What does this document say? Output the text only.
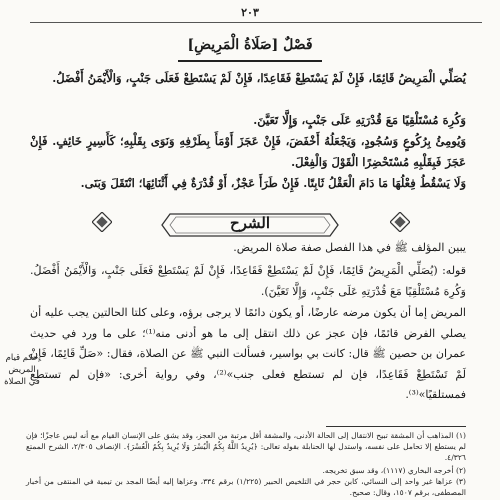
٢٠٣
فَصْلٌ [صَلَاةُ الْمَرِيضِ]

يُصَلِّي الْمَرِيضُ قَائِمًا، فَإِنْ لَمْ يَسْتَطِعْ فَقَاعِدًا، فَإِنْ لَمْ يَسْتَطِعْ فَعَلَى جَنْبٍ، وَالْأَيْمَنُ أَفْضَلُ.

وَكُرِهَ مُسْتَلْقِيًا مَعَ قُدْرَتِهِ عَلَى جَنْبٍ، وَإِلَّا تَعَيَّنَ.

وَيُومِئُ بِرُكُوعٍ وَسُجُودٍ، وَيَجْعَلُهُ أَخْفَضَ، فَإِنْ عَجَزَ أَوْمَأَ بِطَرْفِهِ وَنَوَى بِقَلْبِهِ؛ كَأَسِيرٍ خَائِفٍ. فَإِنْ عَجَزَ فَبِقَلْبِهِ مُسْتَحْضِرًا الْقَوْلَ وَالْفِعْلَ.

وَلَا يَسْقُطُ فِعْلُهَا مَا دَامَ الْعَقْلُ ثَابِتًا. فَإِنْ طَرَأَ عَجْزٌ، أَوْ قُدْرَةٌ فِي أَثْنَائِهَا؛ انْتَقَلَ وَبَنَى.

الشرح

يبين المؤلف ﷺ في هذا الفصل صفة صلاة المريض.

قوله: (يُصَلِّي الْمَرِيضُ قَائِمًا، فَإِنْ لَمْ يَسْتَطِعْ فَقَاعِدًا، فَإِنْ لَمْ يَسْتَطِعْ فَعَلَى جَنْبٍ، وَالْأَيْمَنُ أَفْضَلُ. وَكُرِهَ مُسْتَلْقِيًا مَعَ قُدْرَتِهِ عَلَى جَنْبٍ، وَإِلَّا تَعَيَّنَ).

المريض إما أن يكون مرضه عارضًا، أو يكون دائمًا لا يرجى برؤه، وعلى كلتا الحالتين يجب عليه أن يصلي الفرض قائمًا، فإن عجز عن ذلك انتقل إلى ما هو أدنى منه⁽¹⁾؛ على ما ورد في حديث عمران بن حصين ﷺ قال: كانت بي بواسير، فسألت النبي ﷺ عن الصلاة، فقال: «صَلِّ قَائِمًا، فَإِنْ لَمْ تَسْتَطِعْ فَقَاعِدًا، فإن لم تستطع فعلى جنب»⁽²⁾، وفي رواية أخرى: «فإن لم تستطع فمستلقيًا»⁽³⁾.

حكم قيام المريض في الصلاة

(١) المذاهب أن المشقة تبيح الانتقال إلى الحالة الأدنى، والمشقة أقل مرتبة من العجز، وقد يشق على الإنسان القيام مع أنه ليس عاجزًا؛ فإن لم يستطع إلا تحامل على نفسه، واستدل لها الحنابلة بقوله تعالى: ﴿يُرِيدُ اللَّهُ بِكُمُ الْيُسْرَ وَلَا يُرِيدُ بِكُمُ الْعُسْرَ﴾. الإنصاف ٢/٣٠٥، الشرح الممتع ٤/٣٢٦.

(٢) أخرجه البخاري (١١١٧)، وقد سبق تخريجه.

(٣) عزاها غير واحد إلى النسائي، كابن حجر في التلخيص الحبير (١/٢٢٥) برقم ٣٣٤، وعزاها إليه أيضًا المجد بن تيمية في المنتقى من أخبار المصطفى، برقم ١٥٠٧، وقال: صحيح.
